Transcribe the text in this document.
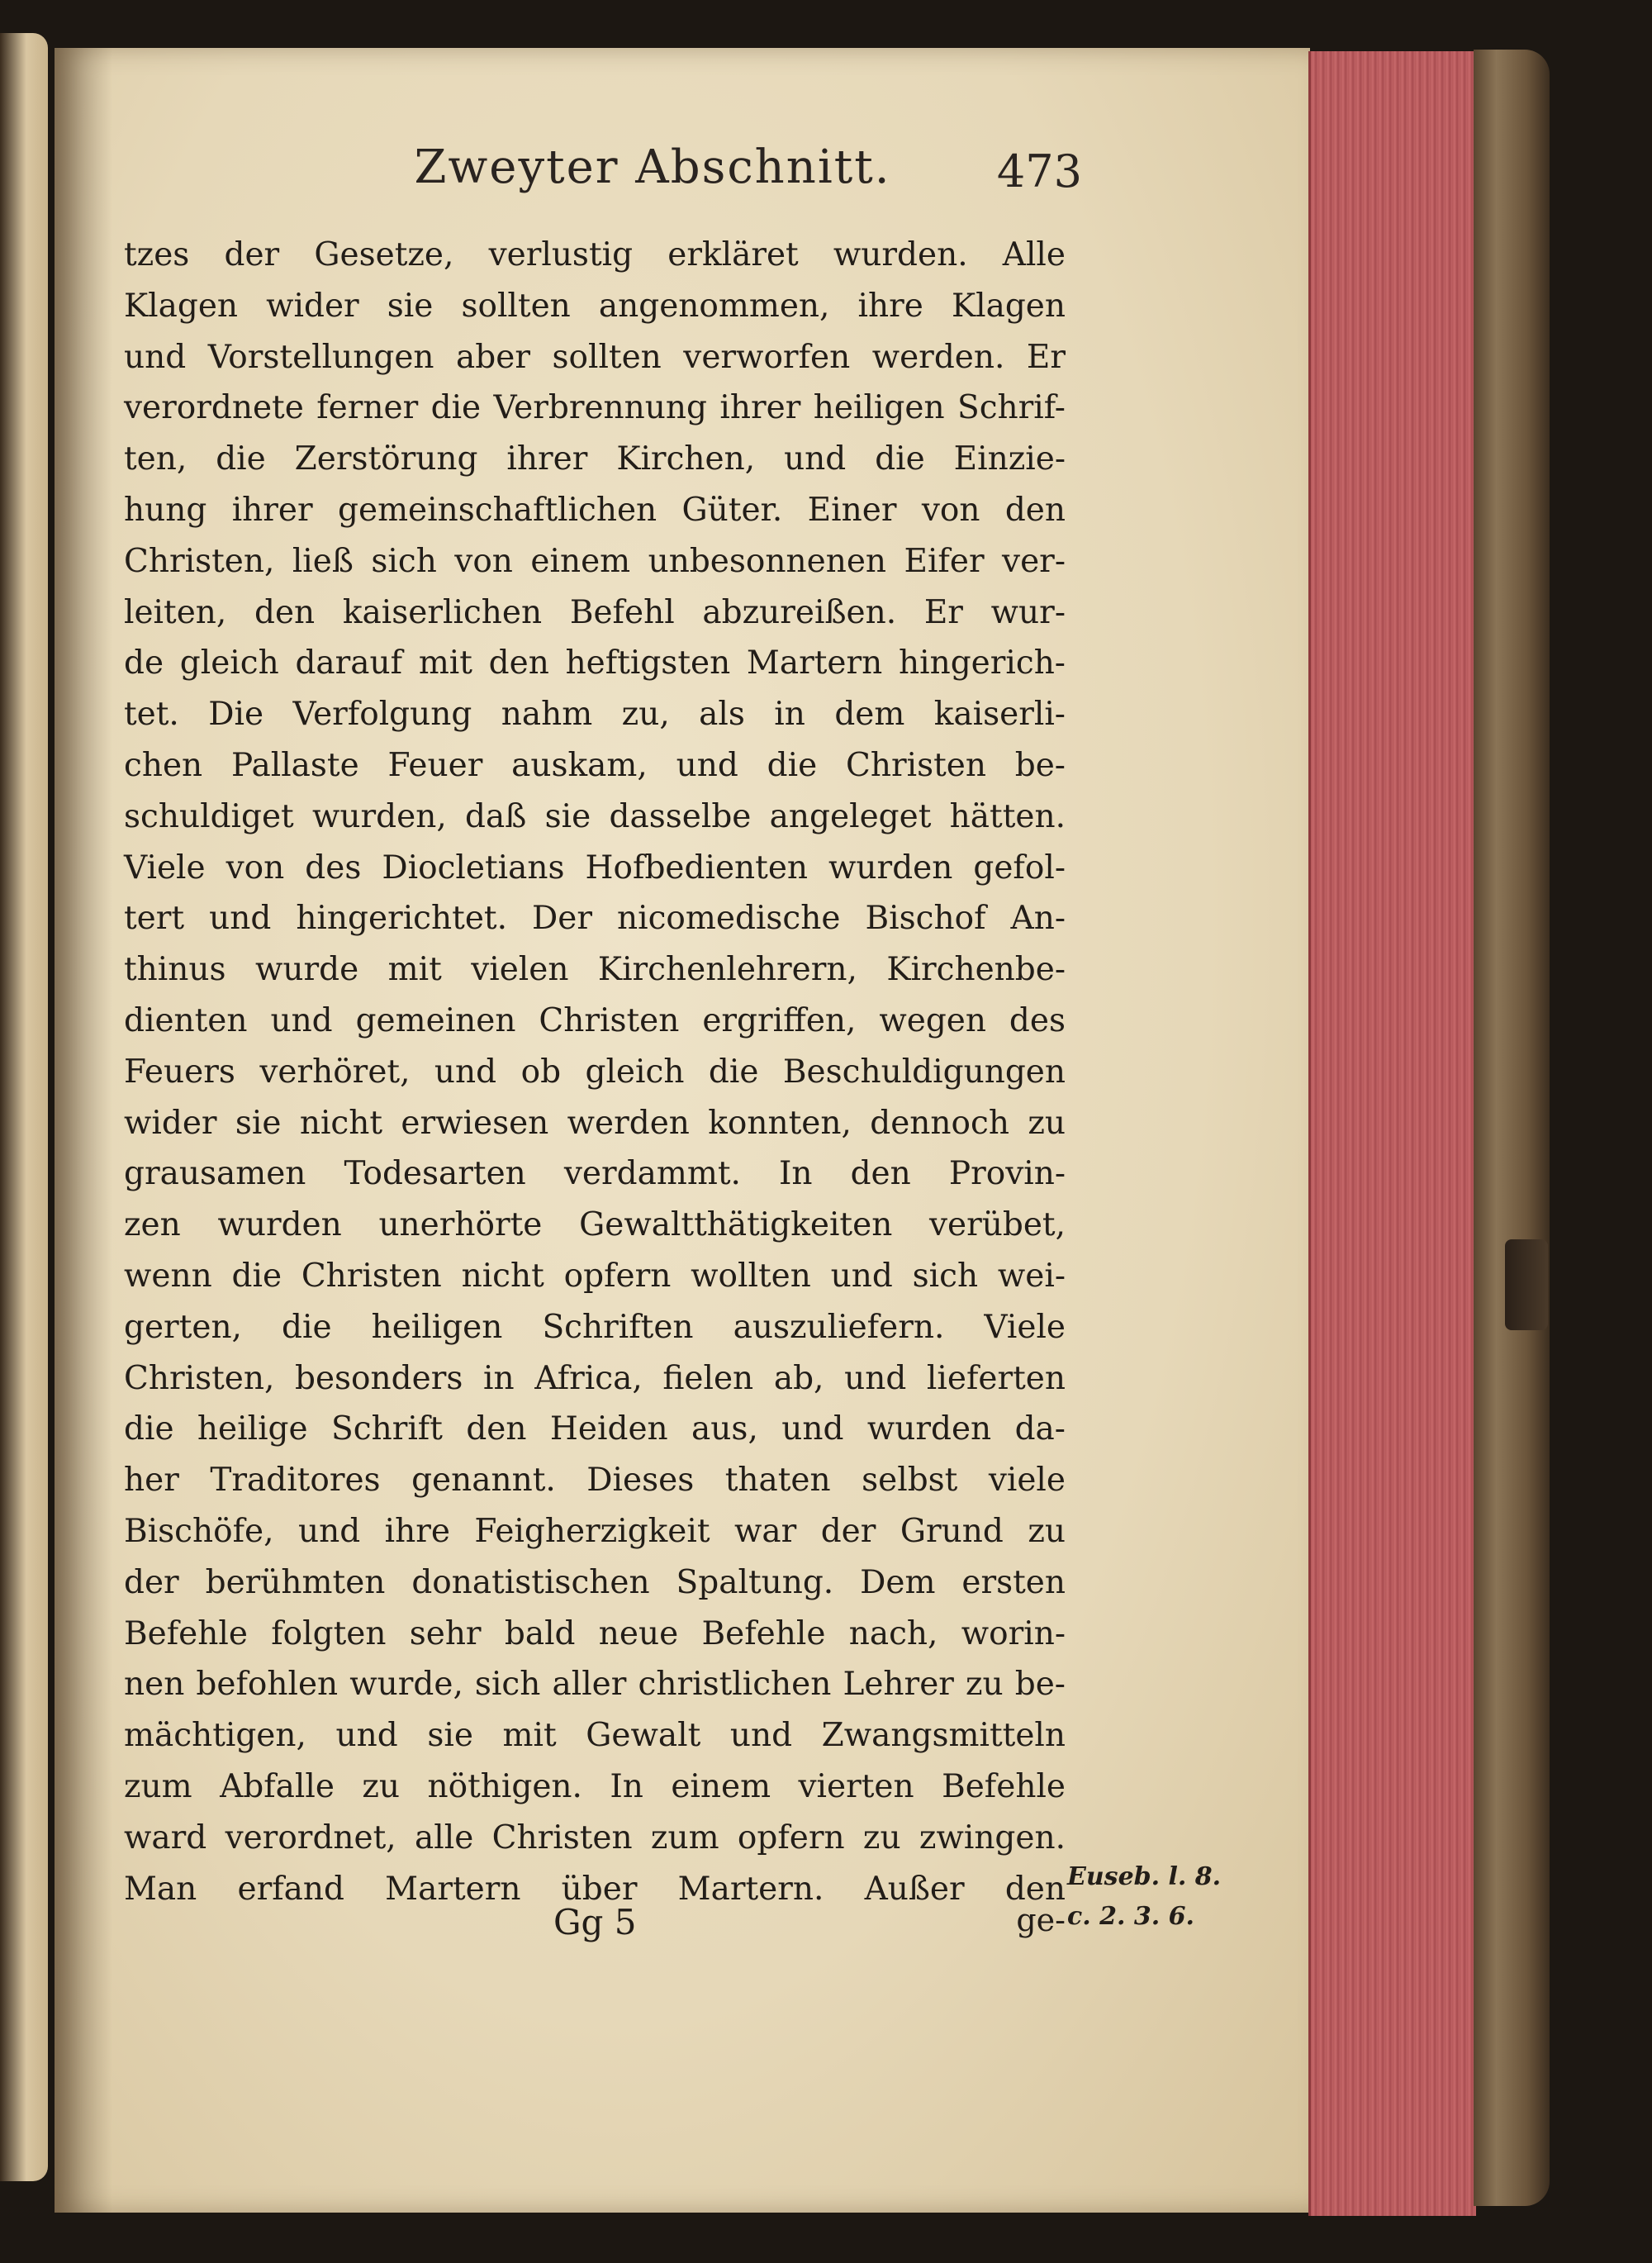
Zweyter Abschnitt.	473
tzes der Gesetze, verlustig erkläret wurden. Alle
Klagen wider sie sollten angenommen, ihre Klagen
und Vorstellungen aber sollten verworfen werden. Er
verordnete ferner die Verbrennung ihrer heiligen Schrif-
ten, die Zerstörung ihrer Kirchen, und die Einzie-
hung ihrer gemeinschaftlichen Güter. Einer von den
Christen, ließ sich von einem unbesonnenen Eifer ver-
leiten, den kaiserlichen Befehl abzureißen. Er wur-
de gleich darauf mit den heftigsten Martern hingerich-
tet. Die Verfolgung nahm zu, als in dem kaiserli-
chen Pallaste Feuer auskam, und die Christen be-
schuldiget wurden, daß sie dasselbe angeleget hätten.
Viele von des Diocletians Hofbedienten wurden gefol-
tert und hingerichtet. Der nicomedische Bischof An-
thinus wurde mit vielen Kirchenlehrern, Kirchenbe-
dienten und gemeinen Christen ergriffen, wegen des
Feuers verhöret, und ob gleich die Beschuldigungen
wider sie nicht erwiesen werden konnten, dennoch zu
grausamen Todesarten verdammt. In den Provin-
zen wurden unerhörte Gewaltthätigkeiten verübet,
wenn die Christen nicht opfern wollten und sich wei-
gerten, die heiligen Schriften auszuliefern. Viele
Christen, besonders in Africa, fielen ab, und lieferten
die heilige Schrift den Heiden aus, und wurden da-
her Traditores genannt. Dieses thaten selbst viele
Bischöfe, und ihre Feigherzigkeit war der Grund zu
der berühmten donatistischen Spaltung. Dem ersten
Befehle folgten sehr bald neue Befehle nach, worin-
nen befohlen wurde, sich aller christlichen Lehrer zu be-
mächtigen, und sie mit Gewalt und Zwangsmitteln
zum Abfalle zu nöthigen. In einem vierten Befehle
ward verordnet, alle Christen zum opfern zu zwingen.
Man erfand Martern über Martern. Außer den Euseb. l. 8.
c. 2. 3. 6.
Gg 5	ge-
